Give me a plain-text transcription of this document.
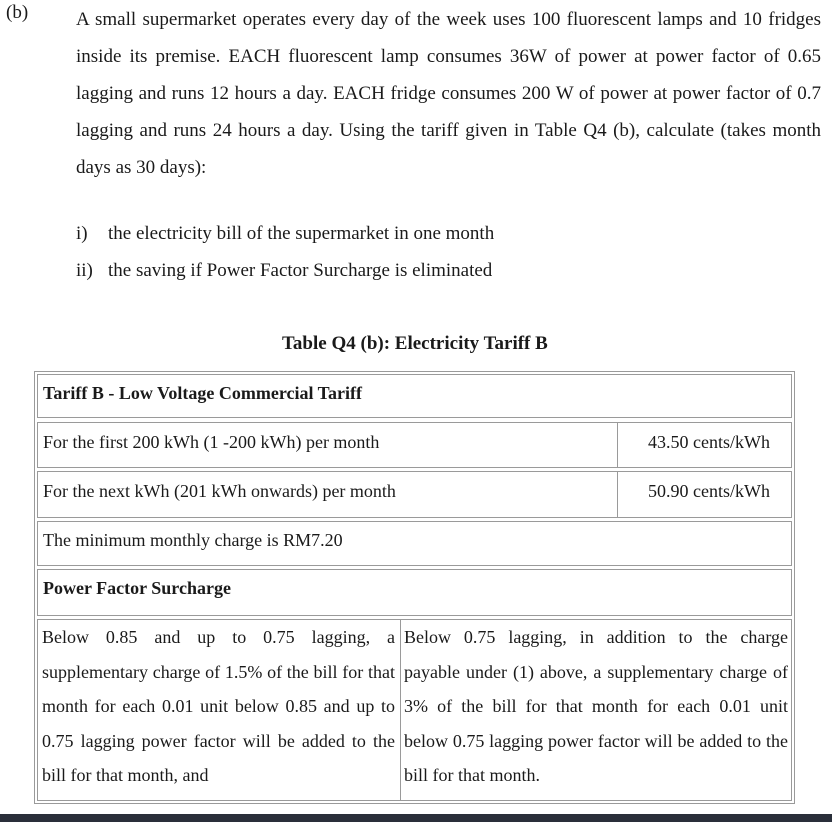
(b)	A small supermarket operates every day of the week uses 100 fluorescent lamps and 10 fridges inside its premise. EACH fluorescent lamp consumes 36W of power at power factor of 0.65 lagging and runs 12 hours a day. EACH fridge consumes 200 W of power at power factor of 0.7 lagging and runs 24 hours a day. Using the tariff given in Table Q4 (b), calculate (takes month days as 30 days):

i) the electricity bill of the supermarket in one month
ii) the saving if Power Factor Surcharge is eliminated
Table Q4 (b): Electricity Tariff B
Tariff B - Low Voltage Commercial Tariff
For the first 200 kWh (1 -200 kWh) per month	43.50 cents/kWh
For the next kWh (201 kWh onwards) per month	50.90 cents/kWh
The minimum monthly charge is RM7.20
Power Factor Surcharge
Below 0.85 and up to 0.75 lagging, a supplementary charge of 1.5% of the bill for that month for each 0.01 unit below 0.85 and up to 0.75 lagging power factor will be added to the bill for that month, and
Below 0.75 lagging, in addition to the charge payable under (1) above, a supplementary charge of 3% of the bill for that month for each 0.01 unit below 0.75 lagging power factor will be added to the bill for that month.
